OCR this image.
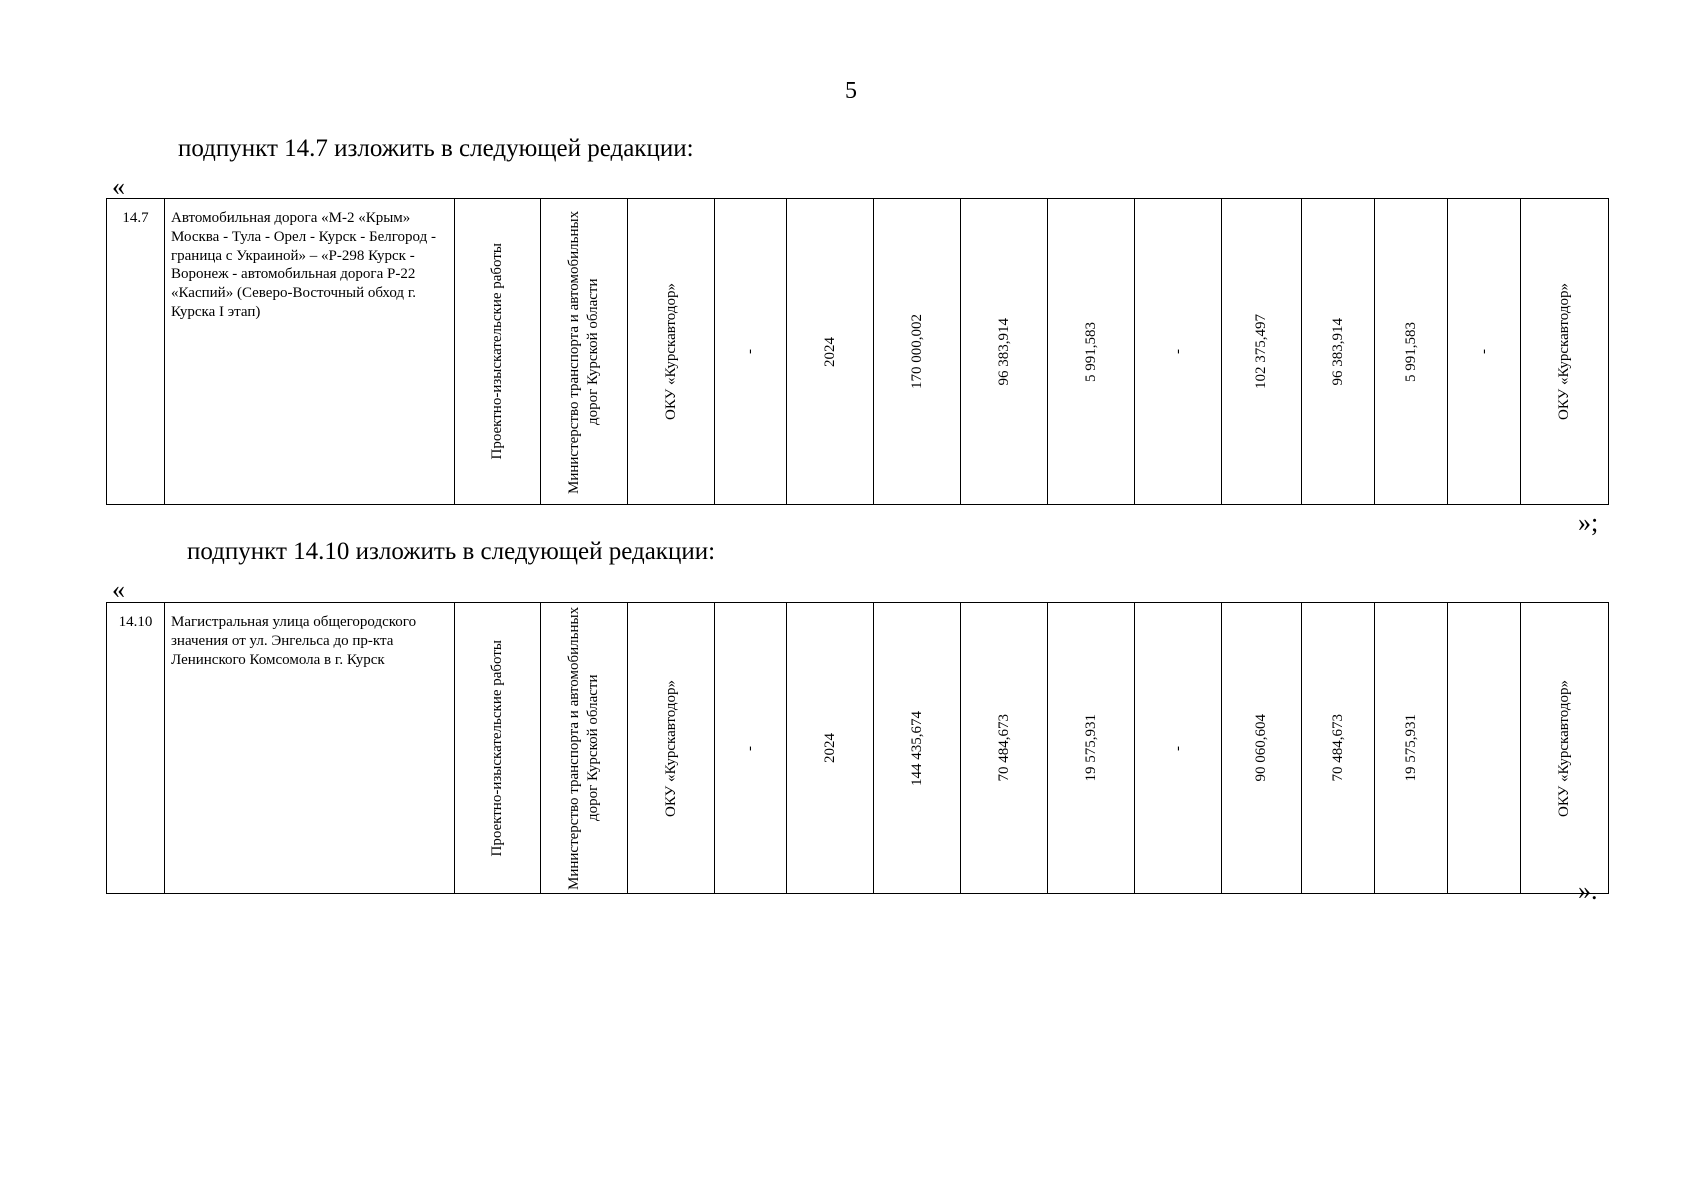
5
подпункт 14.7 изложить в следующей редакции:
«
14.7	Автомобильная дорога «М-2 «Крым» Москва - Тула - Орел - Курск - Белгород - граница с Украиной» – «Р-298 Курск - Воронеж - автомобильная дорога Р-22 «Каспий» (Северо-Восточный обход г. Курска I этап)	Проектно-изыскательские работы	Министерство транспорта и автомобильных дорог Курской области	ОКУ «Курскавтодор»	-	2024	170 000,002	96 383,914	5 991,583	-	102 375,497	96 383,914	5 991,583	-	ОКУ «Курскавтодор»
»;
подпункт 14.10 изложить в следующей редакции:
«
14.10	Магистральная улица общегородского значения от ул. Энгельса до пр-кта Ленинского Комсомола в г. Курск	Проектно-изыскательские работы	Министерство транспорта и автомобильных дорог Курской области	ОКУ «Курскавтодор»	-	2024	144 435,674	70 484,673	19 575,931	-	90 060,604	70 484,673	19 575,931		ОКУ «Курскавтодор»
».
